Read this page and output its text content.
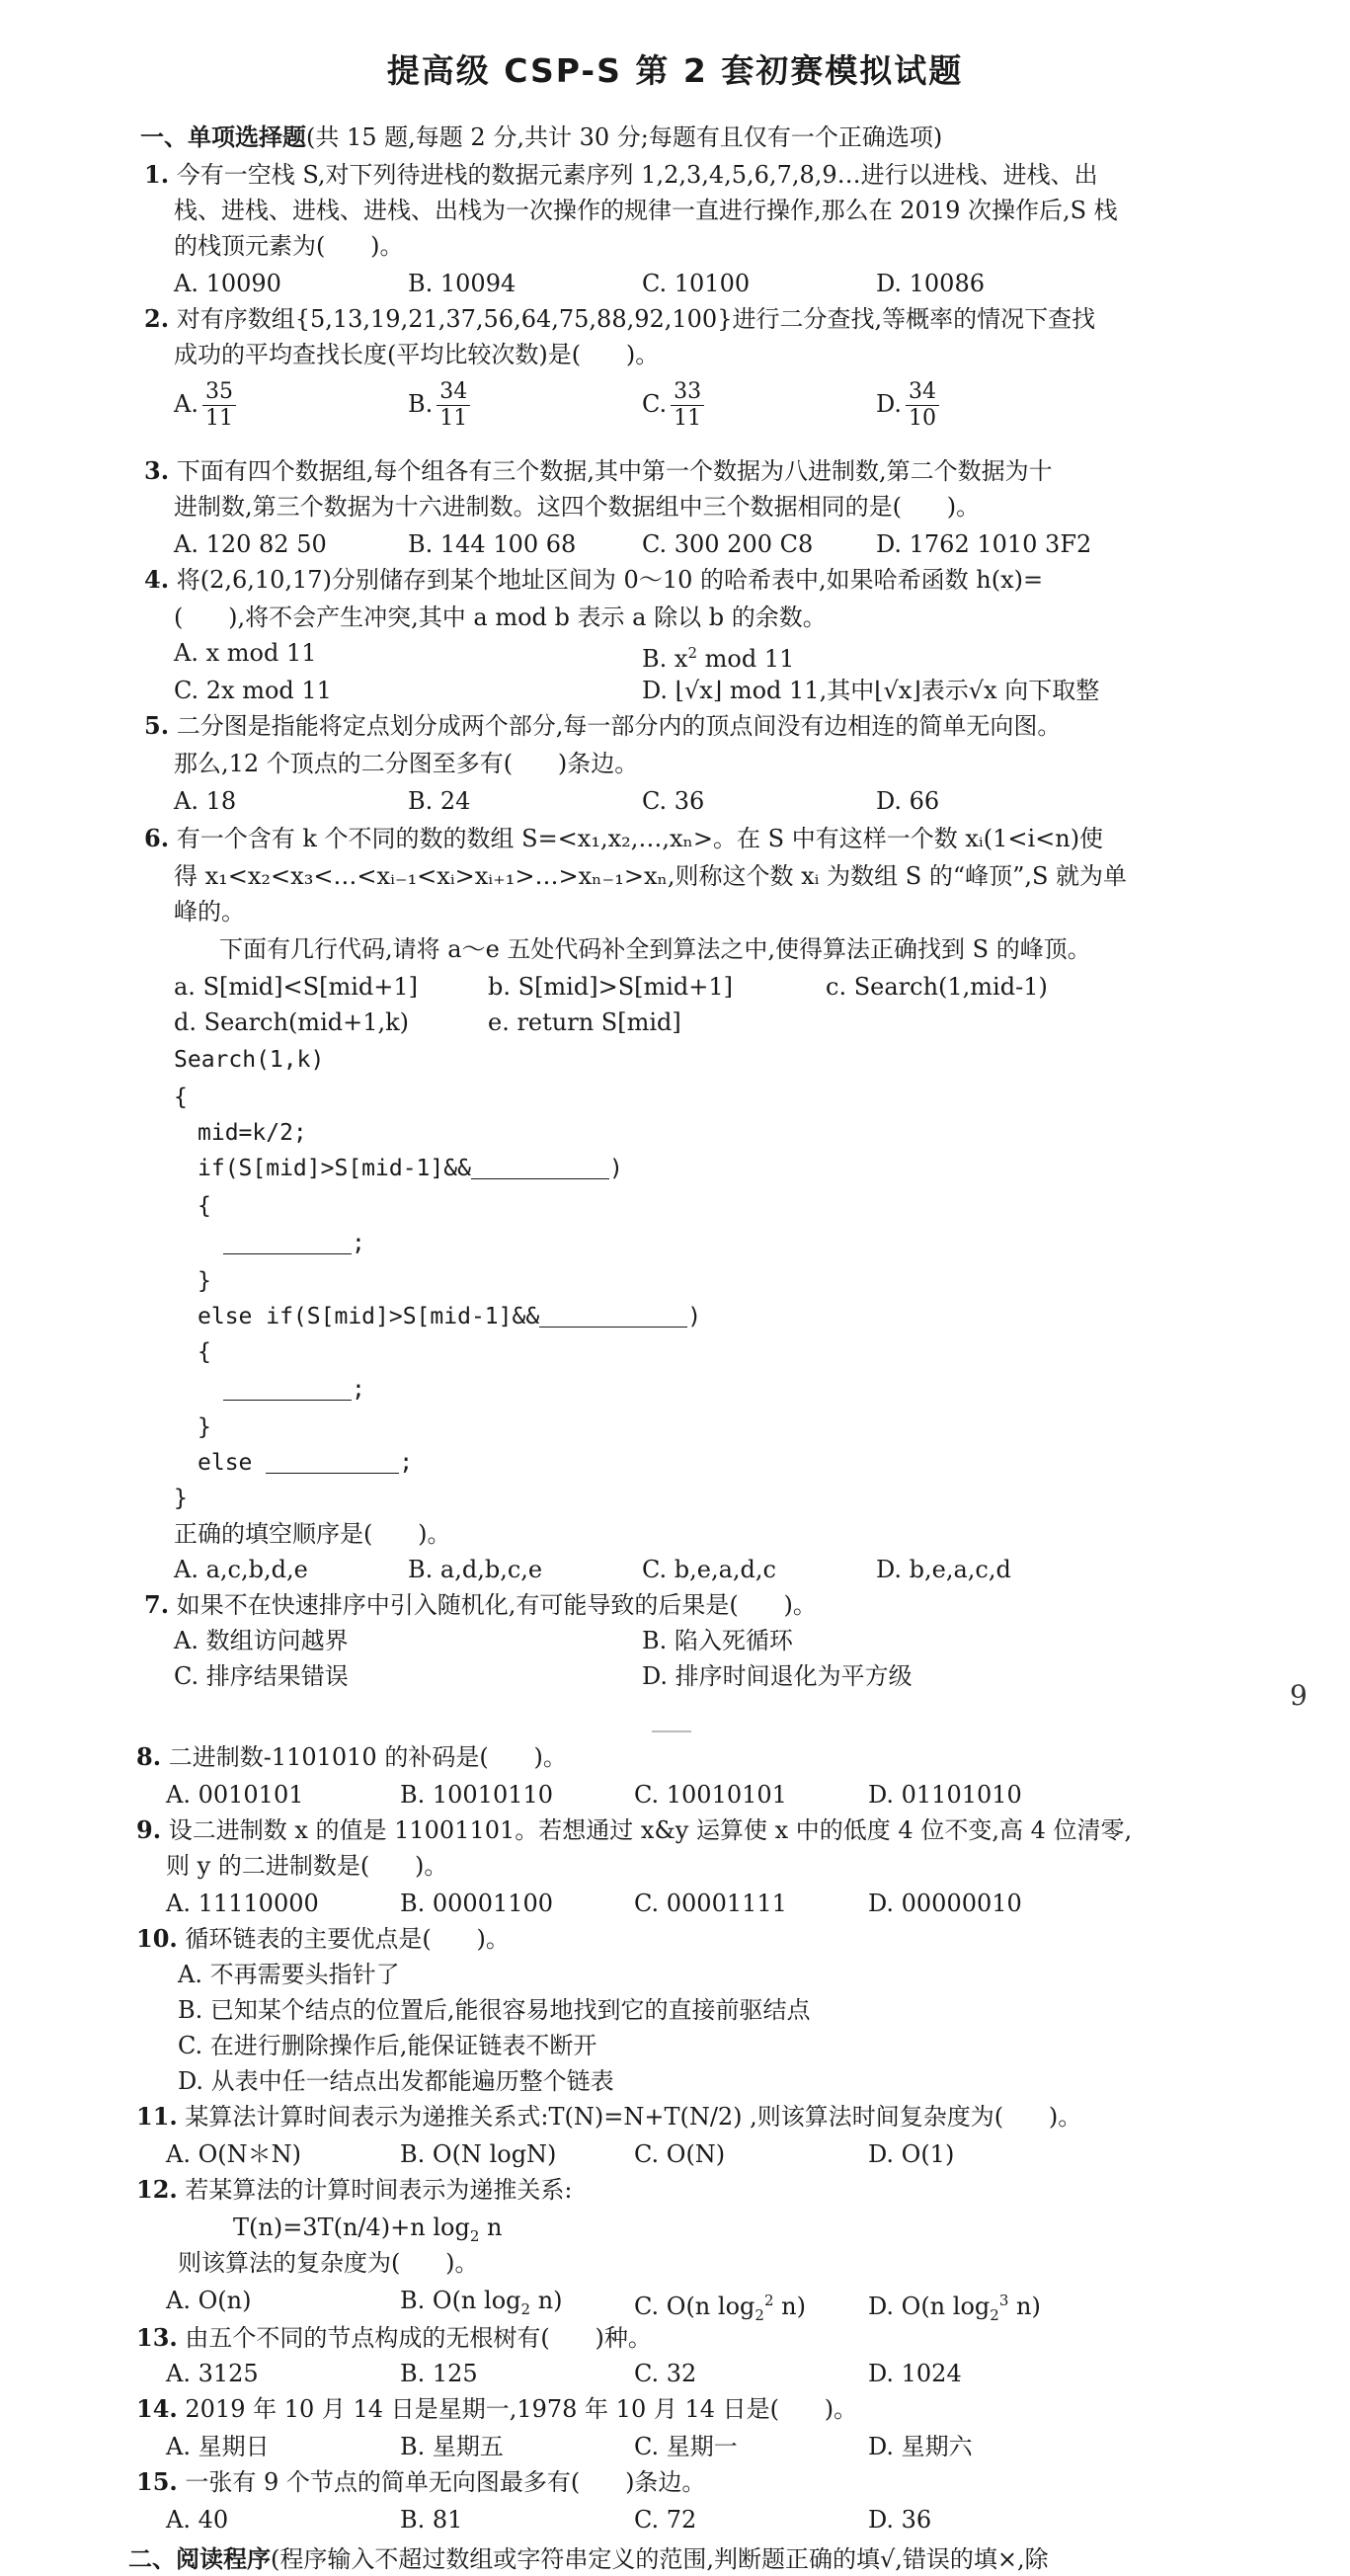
提高级 CSP-S 第 2 套初赛模拟试题
一、单项选择题(共 15 题,每题 2 分,共计 30 分;每题有且仅有一个正确选项)
1. 今有一空栈 S,对下列待进栈的数据元素序列 1,2,3,4,5,6,7,8,9…进行以进栈、进栈、出
栈、进栈、进栈、进栈、出栈为一次操作的规律一直进行操作,那么在 2019 次操作后,S 栈
的栈顶元素为(      )。
A. 10090	B. 10094	C. 10100	D. 10086
2. 对有序数组{5,13,19,21,37,56,64,75,88,92,100}进行二分查找,等概率的情况下查找
成功的平均查找长度(平均比较次数)是(      )。
A. $\frac{35}{11}$	B. $\frac{34}{11}$	C. $\frac{33}{11}$	D. $\frac{34}{10}$
3. 下面有四个数据组,每个组各有三个数据,其中第一个数据为八进制数,第二个数据为十
进制数,第三个数据为十六进制数。这四个数据组中三个数据相同的是(      )。
A. 120 82 50	B. 144 100 68	C. 300 200 C8	D. 1762 1010 3F2
4. 将(2,6,10,17)分别储存到某个地址区间为 0～10 的哈希表中,如果哈希函数 h(x)=
(      ),将不会产生冲突,其中 a mod b 表示 a 除以 b 的余数。
A. x mod 11	B. $x^2$ mod 11
C. 2x mod 11	D. ⌊√x⌋ mod 11,其中⌊√x⌋表示√x 向下取整
5. 二分图是指能将定点划分成两个部分,每一部分内的顶点间没有边相连的简单无向图。
那么,12 个顶点的二分图至多有(      )条边。
A. 18	B. 24	C. 36	D. 66
6. 有一个含有 k 个不同的数的数组 S=<x₁,x₂,…,xₙ>。在 S 中有这样一个数 xᵢ(1<i<n)使
得 x₁<x₂<x₃<…<xᵢ₋₁<xᵢ>xᵢ₊₁>…>xₙ₋₁>xₙ,则称这个数 xᵢ 为数组 S 的“峰顶”,S 就为单
峰的。
下面有几行代码,请将 a～e 五处代码补全到算法之中,使得算法正确找到 S 的峰顶。
a. S[mid]<S[mid+1]	b. S[mid]>S[mid+1]	c. Search(1,mid-1)
d. Search(mid+1,k)	e. return S[mid]
Search(1,k)
{
mid=k/2;
if(S[mid]>S[mid-1]&&	)
{
;
}
else if(S[mid]>S[mid-1]&&	)
{
;
}
else	;
}
正确的填空顺序是(      )。
A. a,c,b,d,e	B. a,d,b,c,e	C. b,e,a,d,c	D. b,e,a,c,d
7. 如果不在快速排序中引入随机化,有可能导致的后果是(      )。
A. 数组访问越界	B. 陷入死循环
C. 排序结果错误	D. 排序时间退化为平方级
9
8. 二进制数-1101010 的补码是(      )。
A. 0010101	B. 10010110	C. 10010101	D. 01101010
9. 设二进制数 x 的值是 11001101。若想通过 x&y 运算使 x 中的低度 4 位不变,高 4 位清零,
则 y 的二进制数是(      )。
A. 11110000	B. 00001100	C. 00001111	D. 00000010
10. 循环链表的主要优点是(      )。
A. 不再需要头指针了
B. 已知某个结点的位置后,能很容易地找到它的直接前驱结点
C. 在进行删除操作后,能保证链表不断开
D. 从表中任一结点出发都能遍历整个链表
11. 某算法计算时间表示为递推关系式:T(N)=N+T(N/2) ,则该算法时间复杂度为(      )。
A. O(N＊N)	B. O(N logN)	C. O(N)	D. O(1)
12. 若某算法的计算时间表示为递推关系:
T(n)=3T(n/4)+n $\log_2 n$
则该算法的复杂度为(      )。
A. O(n)	B. O(n $\log_2 n$)	C. O(n $\log_2^2 n$)	D. O(n $\log_2^3 n$)
13. 由五个不同的节点构成的无根树有(      )种。
A. 3125	B. 125	C. 32	D. 1024
14. 2019 年 10 月 14 日是星期一,1978 年 10 月 14 日是(      )。
A. 星期日	B. 星期五	C. 星期一	D. 星期六
15. 一张有 9 个节点的简单无向图最多有(      )条边。
A. 40	B. 81	C. 72	D. 36
二、阅读程序(程序输入不超过数组或字符串定义的范围,判断题正确的填√,错误的填×,除
